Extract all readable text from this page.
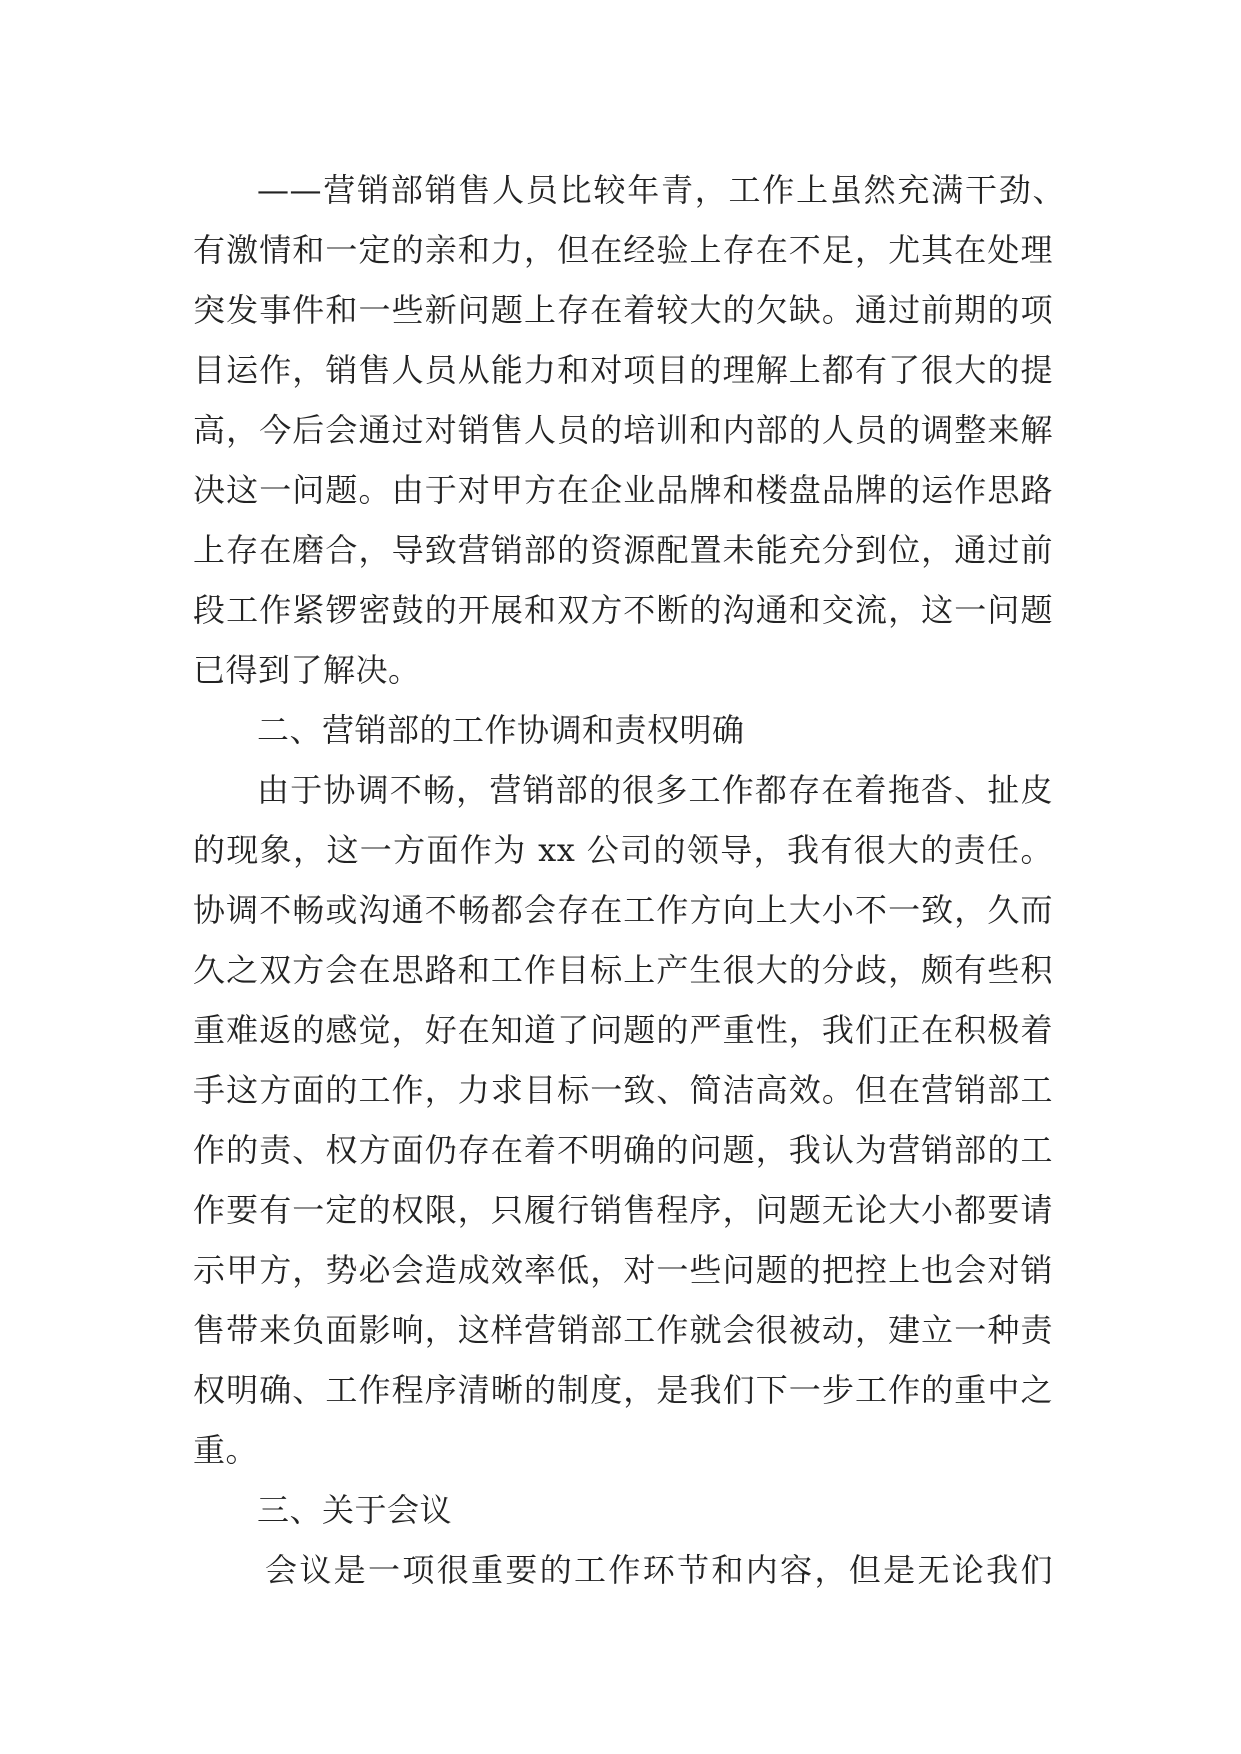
——营销部销售人员比较年青，工作上虽然充满干劲、
有激情和一定的亲和力，但在经验上存在不足，尤其在处理
突发事件和一些新问题上存在着较大的欠缺。通过前期的项
目运作，销售人员从能力和对项目的理解上都有了很大的提
高，今后会通过对销售人员的培训和内部的人员的调整来解
决这一问题。由于对甲方在企业品牌和楼盘品牌的运作思路
上存在磨合，导致营销部的资源配置未能充分到位，通过前
段工作紧锣密鼓的开展和双方不断的沟通和交流，这一问题
已得到了解决。
二、营销部的工作协调和责权明确
由于协调不畅，营销部的很多工作都存在着拖沓、扯皮
的现象，这一方面作为 xx 公司的领导，我有很大的责任。
协调不畅或沟通不畅都会存在工作方向上大小不一致，久而
久之双方会在思路和工作目标上产生很大的分歧，颇有些积
重难返的感觉，好在知道了问题的严重性，我们正在积极着
手这方面的工作，力求目标一致、简洁高效。但在营销部工
作的责、权方面仍存在着不明确的问题，我认为营销部的工
作要有一定的权限，只履行销售程序，问题无论大小都要请
示甲方，势必会造成效率低，对一些问题的把控上也会对销
售带来负面影响，这样营销部工作就会很被动，建立一种责
权明确、工作程序清晰的制度，是我们下一步工作的重中之
重。
三、关于会议
会议是一项很重要的工作环节和内容，但是无论我们
